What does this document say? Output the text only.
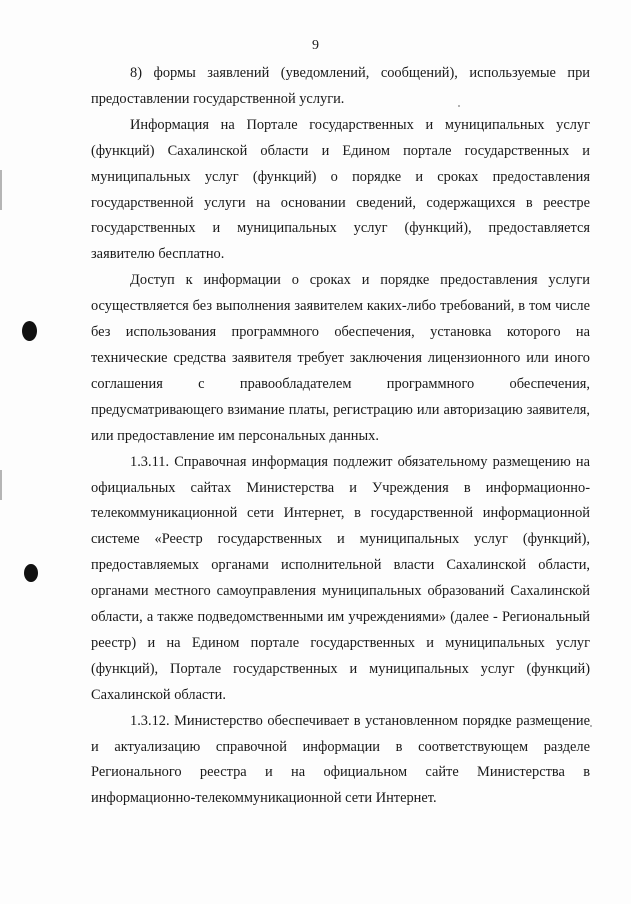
9

8) формы заявлений (уведомлений, сообщений), используемые при предоставлении государственной услуги.

Информация на Портале государственных и муниципальных услуг (функций) Сахалинской области и Едином портале государственных и муниципальных услуг (функций) о порядке и сроках предоставления государственной услуги на основании сведений, содержащихся в реестре государственных и муниципальных услуг (функций), предоставляется заявителю бесплатно.

Доступ к информации о сроках и порядке предоставления услуги осуществляется без выполнения заявителем каких-либо требований, в том числе без использования программного обеспечения, установка которого на технические средства заявителя требует заключения лицензионного или иного соглашения с правообладателем программного обеспечения, предусматривающего взимание платы, регистрацию или авторизацию заявителя, или предоставление им персональных данных.

1.3.11. Справочная информация подлежит обязательному размещению на официальных сайтах Министерства и Учреждения в информационно-телекоммуникационной сети Интернет, в государственной информационной системе «Реестр государственных и муниципальных услуг (функций), предоставляемых органами исполнительной власти Сахалинской области, органами местного самоуправления муниципальных образований Сахалинской области, а также подведомственными им учреждениями» (далее - Региональный реестр) и на Едином портале государственных и муниципальных услуг (функций), Портале государственных и муниципальных услуг (функций) Сахалинской области.

1.3.12. Министерство обеспечивает в установленном порядке размещение и актуализацию справочной информации в соответствующем разделе Регионального реестра и на официальном сайте Министерства в информационно-телекоммуникационной сети Интернет.
